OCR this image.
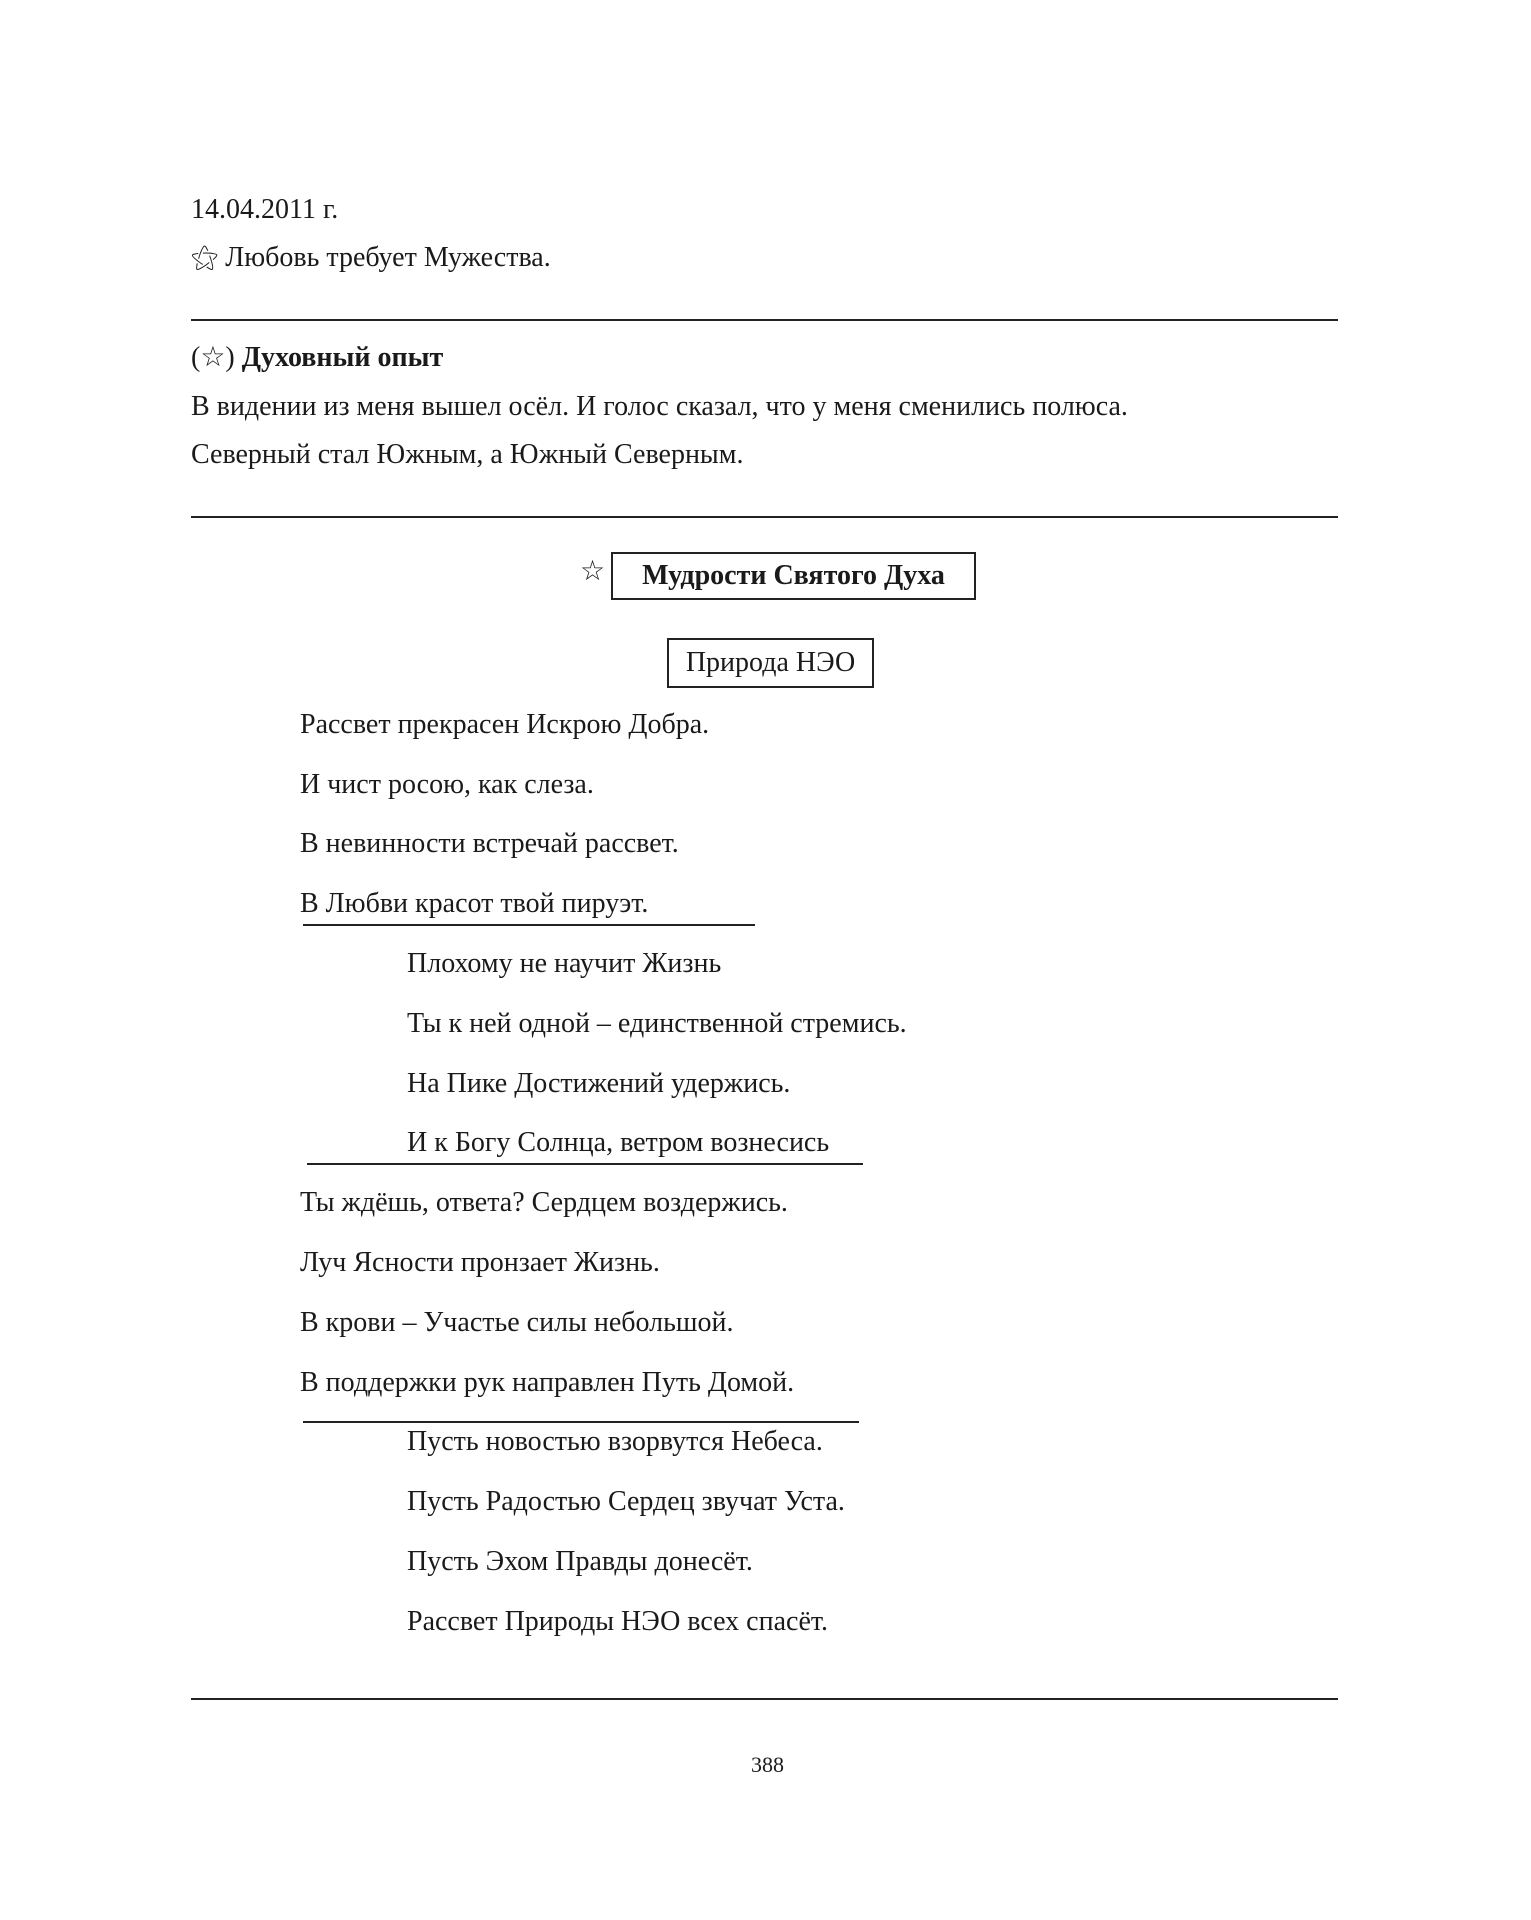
14.04.2011 г.
⚝ Любовь требует Мужества.
(☆) Духовный опыт
В видении из меня вышел осёл. И голос сказал, что у меня сменились полюса.
Северный стал Южным, а Южный Северным.
☆ Мудрости Святого Духа
Природа НЭО
Рассвет прекрасен Искрою Добра.
И чист росою, как слеза.
В невинности встречай рассвет.
В Любви красот твой пируэт.
Плохому не научит Жизнь
Ты к ней одной – единственной стремись.
На Пике Достижений удержись.
И к Богу Солнца, ветром вознесись
Ты ждёшь, ответа? Сердцем воздержись.
Луч Ясности пронзает Жизнь.
В крови – Участье силы небольшой.
В поддержки рук направлен Путь Домой.
Пусть новостью взорвутся Небеса.
Пусть Радостью Сердец звучат Уста.
Пусть Эхом Правды донесёт.
Рассвет Природы НЭО всех спасёт.
388
